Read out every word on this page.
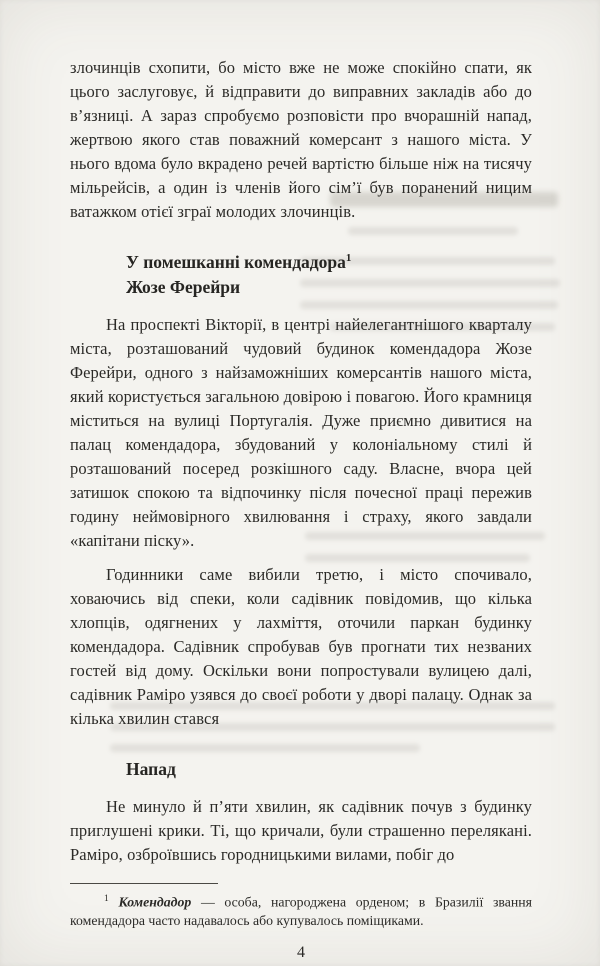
злочинців схопити, бо місто вже не може спокійно спати, як цього заслуговує, й відправити до виправних закладів або до в’язниці. А зараз спробуємо розповісти про вчорашній напад, жертвою якого став поважний комерсант з нашого міста. У нього вдома було вкрадено речей вартістю більше ніж на тисячу мільрейсів, а один із членів його сім’ї був поранений ницим ватажком отієї зграї молодих злочинців.

У помешканні комендадора$^1$
Жозе Ферейри

На проспекті Вікторії, в центрі найелегантнішого кварталу міста, розташований чудовий будинок комендадора Жозе Ферейри, одного з найзаможніших комерсантів нашого міста, який користується загальною довірою і повагою. Його крамниця міститься на вулиці Португалія. Дуже приємно дивитися на палац комендадора, збудований у колоніальному стилі й розташований посеред розкішного саду. Власне, вчора цей затишок спокою та відпочинку після почесної праці пережив годину неймовірного хвилювання і страху, якого завдали «капітани піску».

Годинники саме вибили третю, і місто спочивало, ховаючись від спеки, коли садівник повідомив, що кілька хлопців, одягнених у лахміття, оточили паркан будинку комендадора. Садівник спробував був прогнати тих незваних гостей від дому. Оскільки вони попростували вулицею далі, садівник Раміро узявся до своєї роботи у дворі палацу. Однак за кілька хвилин стався

Напад

Не минуло й п’яти хвилин, як садівник почув з будинку приглушені крики. Ті, що кричали, були страшенно перелякані. Раміро, озброївшись городницькими вилами, побіг до

$^1$ Комендадор — особа, нагороджена орденом; в Бразилії звання комендадора часто надавалось або купувалось поміщиками.

4
